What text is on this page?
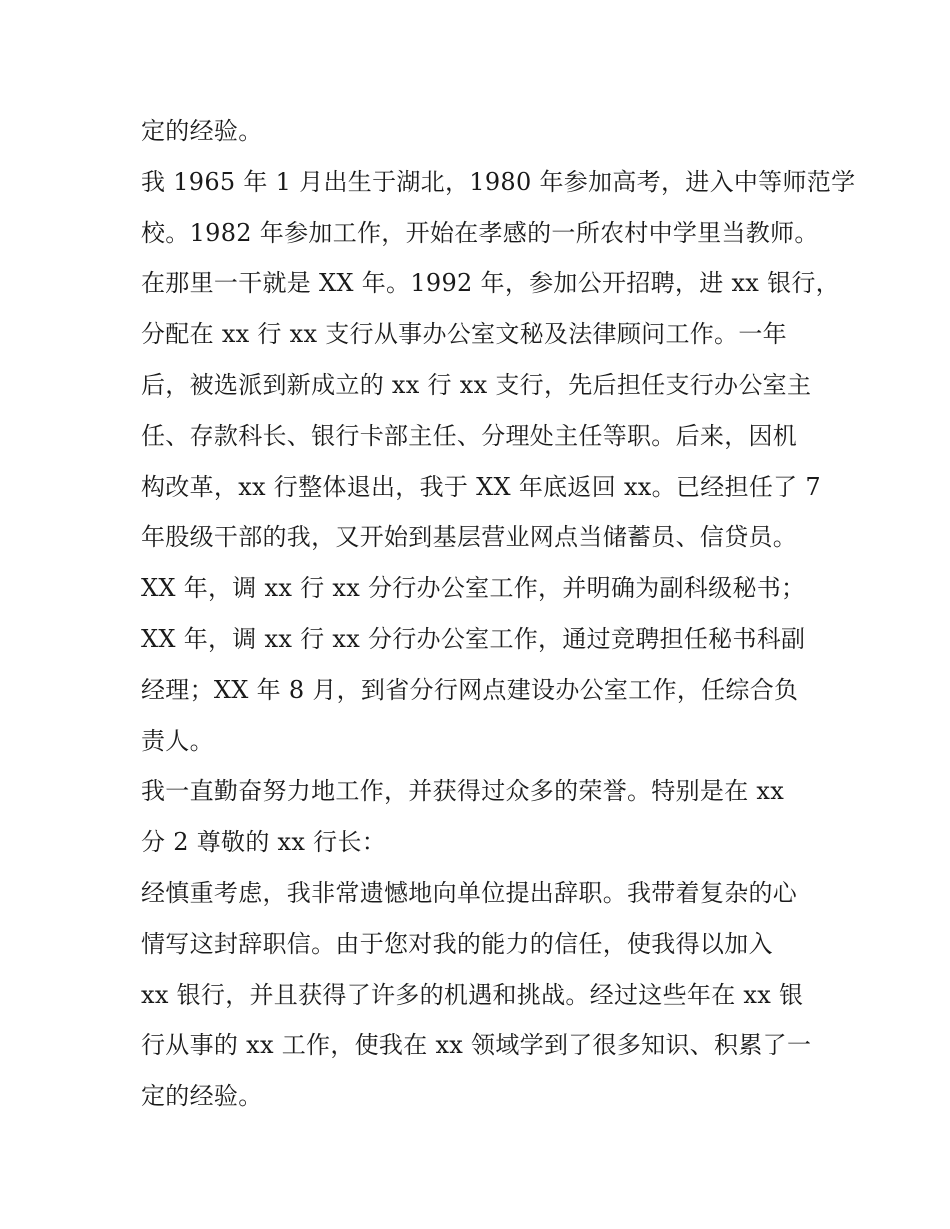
定的经验。
我 1965 年 1 月出生于湖北，1980 年参加高考，进入中等师范学
校。1982 年参加工作，开始在孝感的一所农村中学里当教师。
在那里一干就是 XX 年。1992 年，参加公开招聘，进 xx 银行，
分配在 xx 行 xx 支行从事办公室文秘及法律顾问工作。一年
后，被选派到新成立的 xx 行 xx 支行，先后担任支行办公室主
任、存款科长、银行卡部主任、分理处主任等职。后来，因机
构改革，xx 行整体退出，我于 XX 年底返回 xx。已经担任了 7
年股级干部的我，又开始到基层营业网点当储蓄员、信贷员。
XX 年，调 xx 行 xx 分行办公室工作，并明确为副科级秘书；
XX 年，调 xx 行 xx 分行办公室工作，通过竞聘担任秘书科副
经理；XX 年 8 月，到省分行网点建设办公室工作，任综合负
责人。
我一直勤奋努力地工作，并获得过众多的荣誉。特别是在 xx
分 2 尊敬的 xx 行长：
经慎重考虑，我非常遗憾地向单位提出辞职。我带着复杂的心
情写这封辞职信。由于您对我的能力的信任，使我得以加入
xx 银行，并且获得了许多的机遇和挑战。经过这些年在 xx 银
行从事的 xx 工作，使我在 xx 领域学到了很多知识、积累了一
定的经验。
